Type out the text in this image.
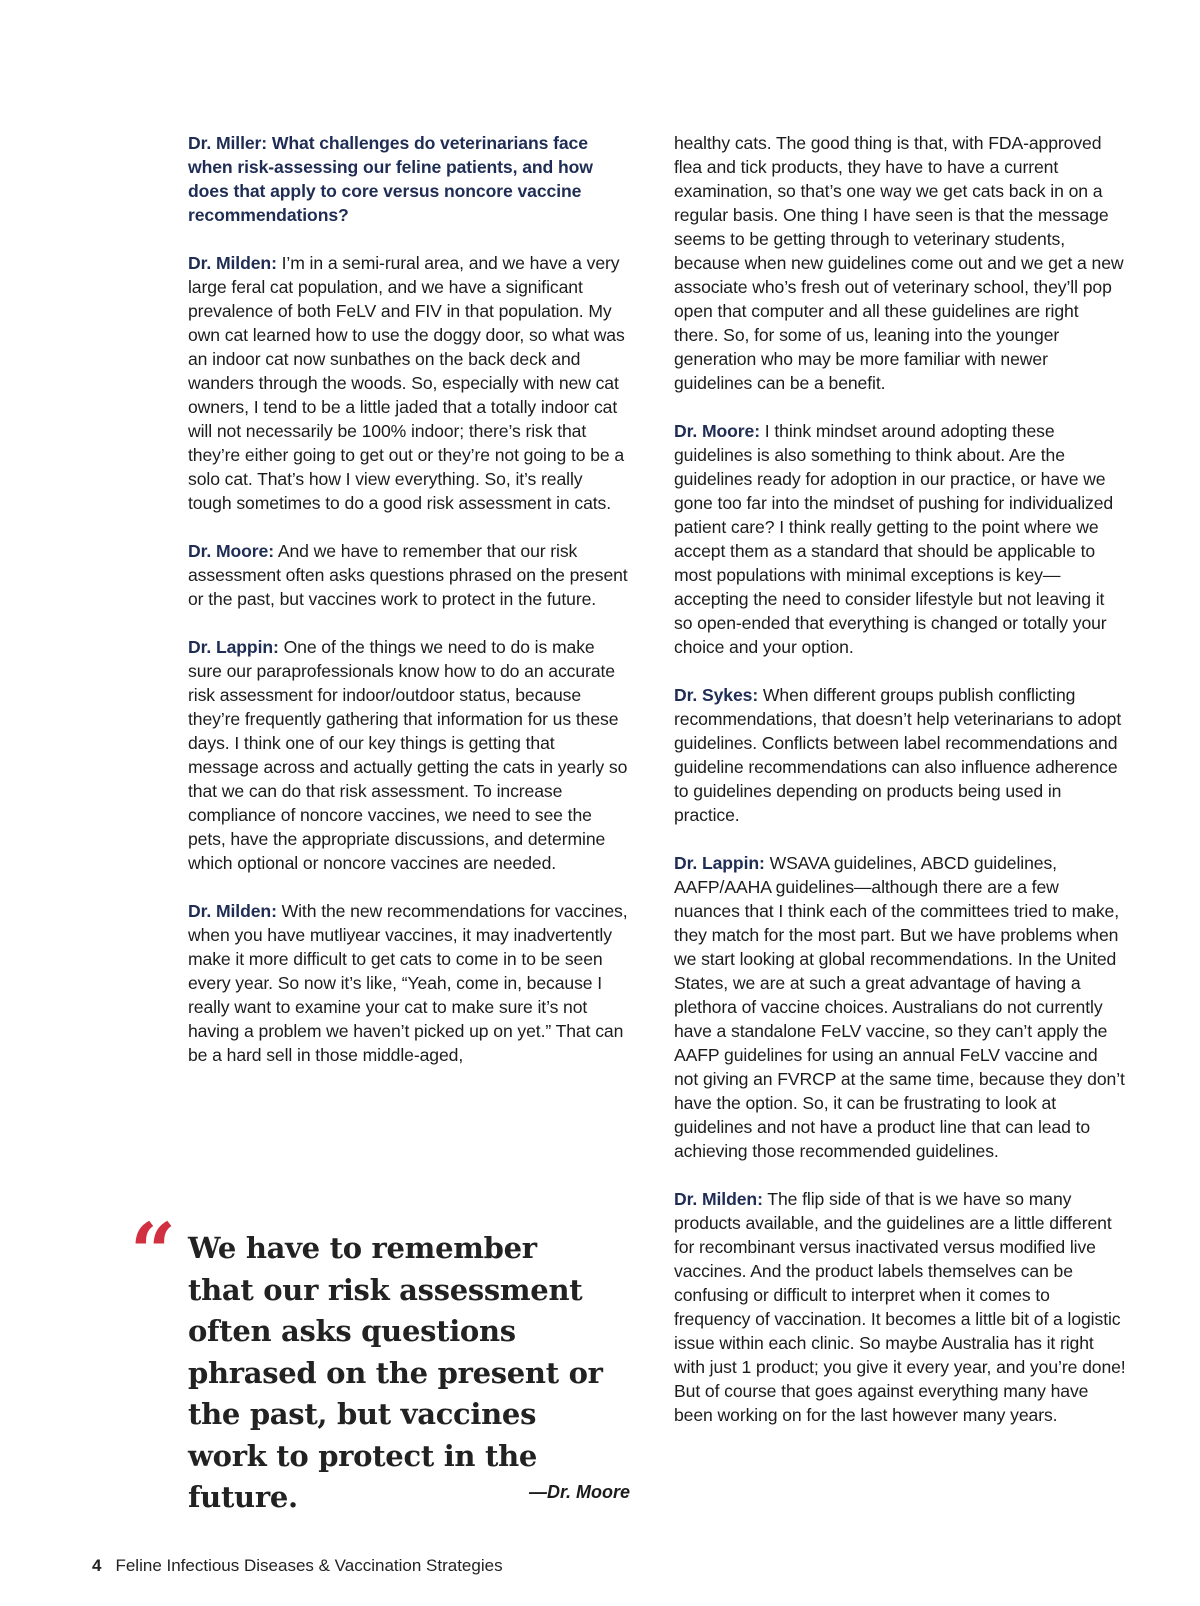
Dr. Miller: What challenges do veterinarians face when risk-assessing our feline patients, and how does that apply to core versus noncore vaccine recommendations?

Dr. Milden: I’m in a semi-rural area, and we have a very large feral cat population, and we have a significant prevalence of both FeLV and FIV in that population. My own cat learned how to use the doggy door, so what was an indoor cat now sunbathes on the back deck and wanders through the woods. So, especially with new cat owners, I tend to be a little jaded that a totally indoor cat will not necessarily be 100% indoor; there’s risk that they’re either going to get out or they’re not going to be a solo cat. That’s how I view everything. So, it’s really tough sometimes to do a good risk assessment in cats.

Dr. Moore: And we have to remember that our risk assessment often asks questions phrased on the present or the past, but vaccines work to protect in the future.

Dr. Lappin: One of the things we need to do is make sure our paraprofessionals know how to do an accurate risk assessment for indoor/outdoor status, because they’re frequently gathering that information for us these days. I think one of our key things is getting that message across and actually getting the cats in yearly so that we can do that risk assessment. To increase compliance of noncore vaccines, we need to see the pets, have the appropriate discussions, and determine which optional or noncore vaccines are needed.

Dr. Milden: With the new recommendations for vaccines, when you have mutliyear vaccines, it may inadvertently make it more difficult to get cats to come in to be seen every year. So now it’s like, “Yeah, come in, because I really want to examine your cat to make sure it’s not having a problem we haven’t picked up on yet.” That can be a hard sell in those middle-aged,

healthy cats. The good thing is that, with FDA-approved flea and tick products, they have to have a current examination, so that’s one way we get cats back in on a regular basis. One thing I have seen is that the message seems to be getting through to veterinary students, because when new guidelines come out and we get a new associate who’s fresh out of veterinary school, they’ll pop open that computer and all these guidelines are right there. So, for some of us, leaning into the younger generation who may be more familiar with newer guidelines can be a benefit.

Dr. Moore: I think mindset around adopting these guidelines is also something to think about. Are the guidelines ready for adoption in our practice, or have we gone too far into the mindset of pushing for individualized patient care? I think really getting to the point where we accept them as a standard that should be applicable to most populations with minimal exceptions is key—accepting the need to consider lifestyle but not leaving it so open-ended that everything is changed or totally your choice and your option.

Dr. Sykes: When different groups publish conflicting recommendations, that doesn’t help veterinarians to adopt guidelines. Conflicts between label recommendations and guideline recommendations can also influence adherence to guidelines depending on products being used in practice.

Dr. Lappin: WSAVA guidelines, ABCD guidelines, AAFP/AAHA guidelines—although there are a few nuances that I think each of the committees tried to make, they match for the most part. But we have problems when we start looking at global recommendations. In the United States, we are at such a great advantage of having a plethora of vaccine choices. Australians do not currently have a standalone FeLV vaccine, so they can’t apply the AAFP guidelines for using an annual FeLV vaccine and not giving an FVRCP at the same time, because they don’t have the option. So, it can be frustrating to look at guidelines and not have a product line that can lead to achieving those recommended guidelines.

Dr. Milden: The flip side of that is we have so many products available, and the guidelines are a little different for recombinant versus inactivated versus modified live vaccines. And the product labels themselves can be confusing or difficult to interpret when it comes to frequency of vaccination. It becomes a little bit of a logistic issue within each clinic. So maybe Australia has it right with just 1 product; you give it every year, and you’re done! But of course that goes against everything many have been working on for the last however many years.

“ We have to remember that our risk assessment often asks questions phrased on the present or the past, but vaccines work to protect in the future.	—Dr. Moore
4 Feline Infectious Diseases & Vaccination Strategies
